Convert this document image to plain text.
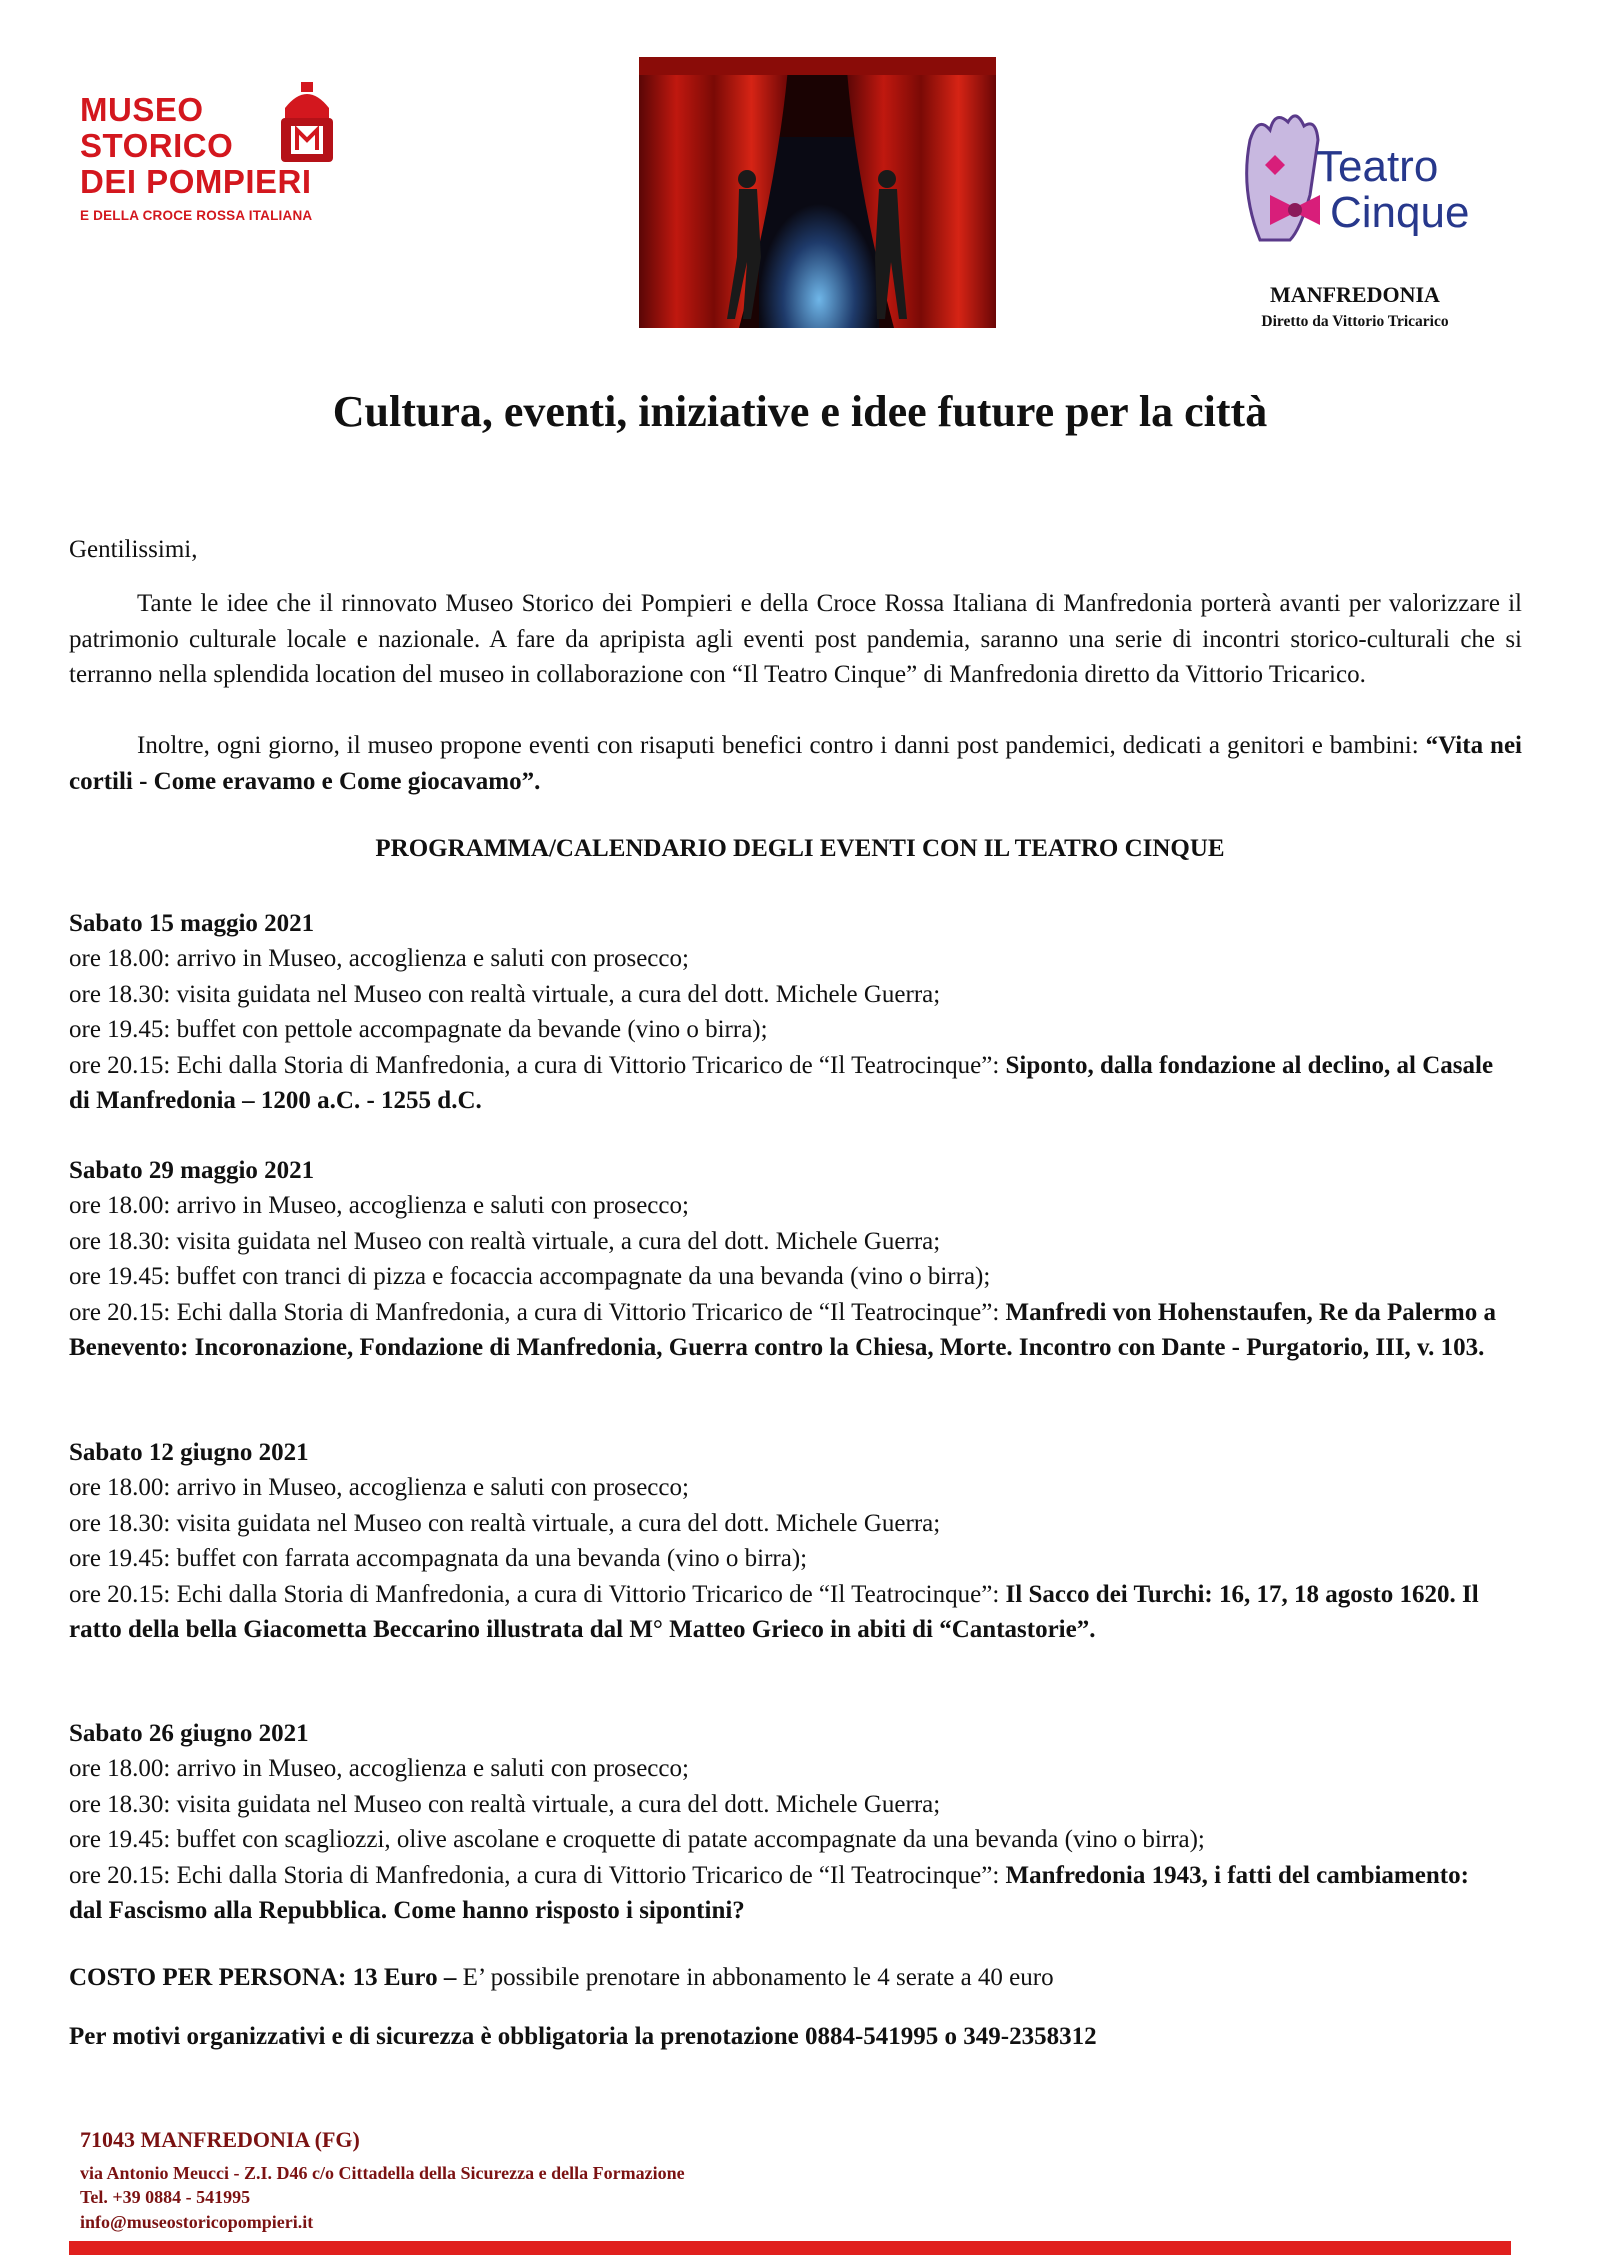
MUSEO
STORICO
DEI POMPIERI
E DELLA CROCE ROSSA ITALIANA
Teatro
Cinque
MANFREDONIA
Diretto da Vittorio Tricarico
Cultura, eventi, iniziative e idee future per la città
Gentilissimi,
Tante le idee che il rinnovato Museo Storico dei Pompieri e della Croce Rossa Italiana di Manfredonia porterà avanti per valorizzare il patrimonio culturale locale e nazionale. A fare da apripista agli eventi post pandemia, saranno una serie di incontri storico-culturali che si terranno nella splendida location del museo in collaborazione con “Il Teatro Cinque” di Manfredonia diretto da Vittorio Tricarico.
Inoltre, ogni giorno, il museo propone eventi con risaputi benefici contro i danni post pandemici, dedicati a genitori e bambini: “Vita nei cortili - Come eravamo e Come giocavamo”.
PROGRAMMA/CALENDARIO DEGLI EVENTI CON IL TEATRO CINQUE
Sabato 15 maggio 2021
ore 18.00: arrivo in Museo, accoglienza e saluti con prosecco;
ore 18.30: visita guidata nel Museo con realtà virtuale, a cura del dott. Michele Guerra;
ore 19.45: buffet con pettole accompagnate da bevande (vino o birra);
ore 20.15: Echi dalla Storia di Manfredonia, a cura di Vittorio Tricarico de “Il Teatrocinque”: Siponto, dalla fondazione al declino, al Casale di Manfredonia – 1200 a.C. - 1255 d.C.
Sabato 29 maggio 2021
ore 18.00: arrivo in Museo, accoglienza e saluti con prosecco;
ore 18.30: visita guidata nel Museo con realtà virtuale, a cura del dott. Michele Guerra;
ore 19.45: buffet con tranci di pizza e focaccia accompagnate da una bevanda (vino o birra);
ore 20.15: Echi dalla Storia di Manfredonia, a cura di Vittorio Tricarico de “Il Teatrocinque”: Manfredi von Hohenstaufen, Re da Palermo a Benevento: Incoronazione, Fondazione di Manfredonia, Guerra contro la Chiesa, Morte. Incontro con Dante - Purgatorio, III, v. 103.
Sabato 12 giugno 2021
ore 18.00: arrivo in Museo, accoglienza e saluti con prosecco;
ore 18.30: visita guidata nel Museo con realtà virtuale, a cura del dott. Michele Guerra;
ore 19.45: buffet con farrata accompagnata da una bevanda (vino o birra);
ore 20.15: Echi dalla Storia di Manfredonia, a cura di Vittorio Tricarico de “Il Teatrocinque”: Il Sacco dei Turchi: 16, 17, 18 agosto 1620. Il ratto della bella Giacometta Beccarino illustrata dal M° Matteo Grieco in abiti di “Cantastorie”.
Sabato 26 giugno 2021
ore 18.00: arrivo in Museo, accoglienza e saluti con prosecco;
ore 18.30: visita guidata nel Museo con realtà virtuale, a cura del dott. Michele Guerra;
ore 19.45: buffet con scagliozzi, olive ascolane e croquette di patate accompagnate da una bevanda (vino o birra);
ore 20.15: Echi dalla Storia di Manfredonia, a cura di Vittorio Tricarico de “Il Teatrocinque”: Manfredonia 1943, i fatti del cambiamento: dal Fascismo alla Repubblica. Come hanno risposto i sipontini?
COSTO PER PERSONA: 13 Euro – E’ possibile prenotare in abbonamento le 4 serate a 40 euro
Per motivi organizzativi e di sicurezza è obbligatoria la prenotazione 0884-541995 o 349-2358312
71043 MANFREDONIA (FG)
via Antonio Meucci - Z.I. D46 c/o Cittadella della Sicurezza e della Formazione
Tel. +39 0884 - 541995
info@museostoricopompieri.it
